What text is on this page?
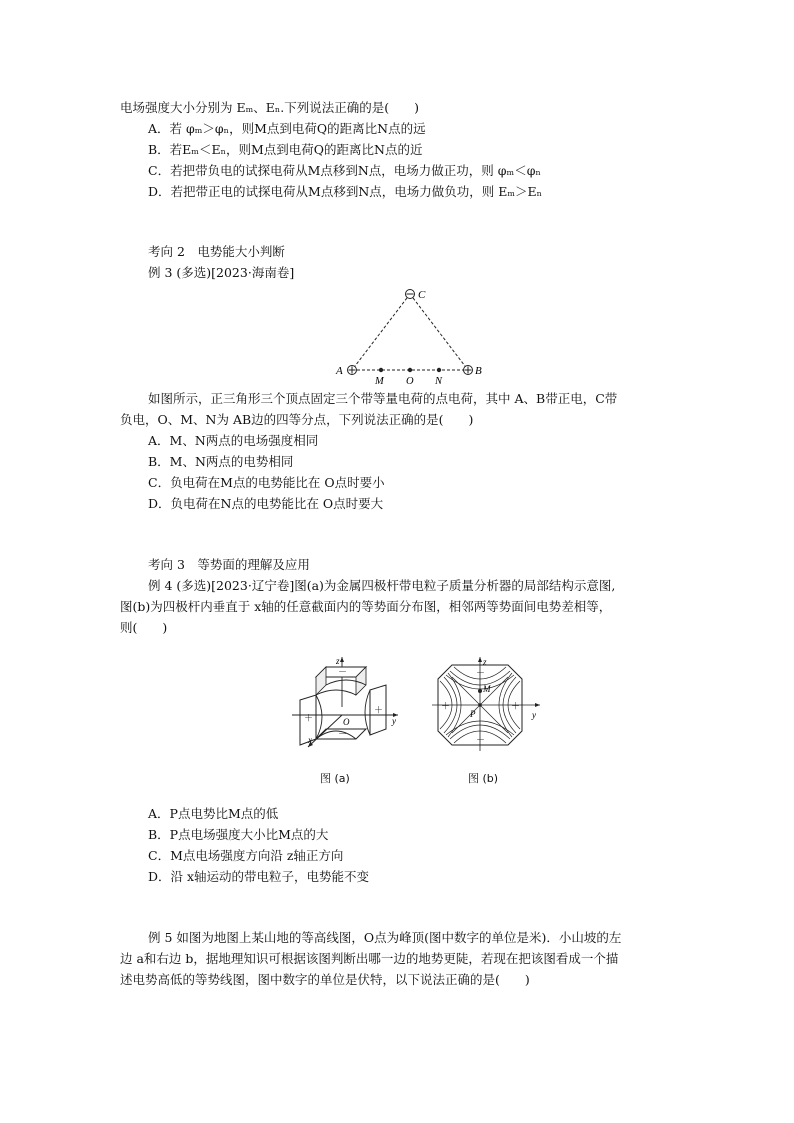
电场强度大小分别为 Eₘ、Eₙ.下列说法正确的是(　　)
A．若 φₘ＞φₙ，则M点到电荷Q的距离比N点的远
B．若Eₘ＜Eₙ，则M点到电荷Q的距离比N点的近
C．若把带负电的试探电荷从M点移到N点，电场力做正功，则 φₘ＜φₙ
D．若把带正电的试探电荷从M点移到N点，电场力做负功，则 Eₘ＞Eₙ
考向 2　电势能大小判断
例 3 (多选)[2023·海南卷]
C
A	B
M O N
如图所示，正三角形三个顶点固定三个带等量电荷的点电荷，其中 A、B带正电，C带
负电，O、M、N为 AB边的四等分点，下列说法正确的是(　　)
A．M、N两点的电场强度相同
B．M、N两点的电势相同
C．负电荷在M点的电势能比在 O点时要小
D．负电荷在N点的电势能比在 O点时要大
考向 3　等势面的理解及应用
例 4 (多选)[2023·辽宁卷]图(a)为金属四极杆带电粒子质量分析器的局部结构示意图,
图(b)为四极杆内垂直于 x轴的任意截面内的等势面分布图，相邻两等势面间电势差相等，
则(　　)
z
y
x
O
－
＋
＋
－
图 (a)
z
y
M
P
－
－
＋	＋
图 (b)
A．P点电势比M点的低
B．P点电场强度大小比M点的大
C．M点电场强度方向沿 z轴正方向
D．沿 x轴运动的带电粒子，电势能不变
例 5 如图为地图上某山地的等高线图，O点为峰顶(图中数字的单位是米)．小山坡的左
边 a和右边 b，据地理知识可根据该图判断出哪一边的地势更陡，若现在把该图看成一个描
述电势高低的等势线图，图中数字的单位是伏特，以下说法正确的是(　　)
